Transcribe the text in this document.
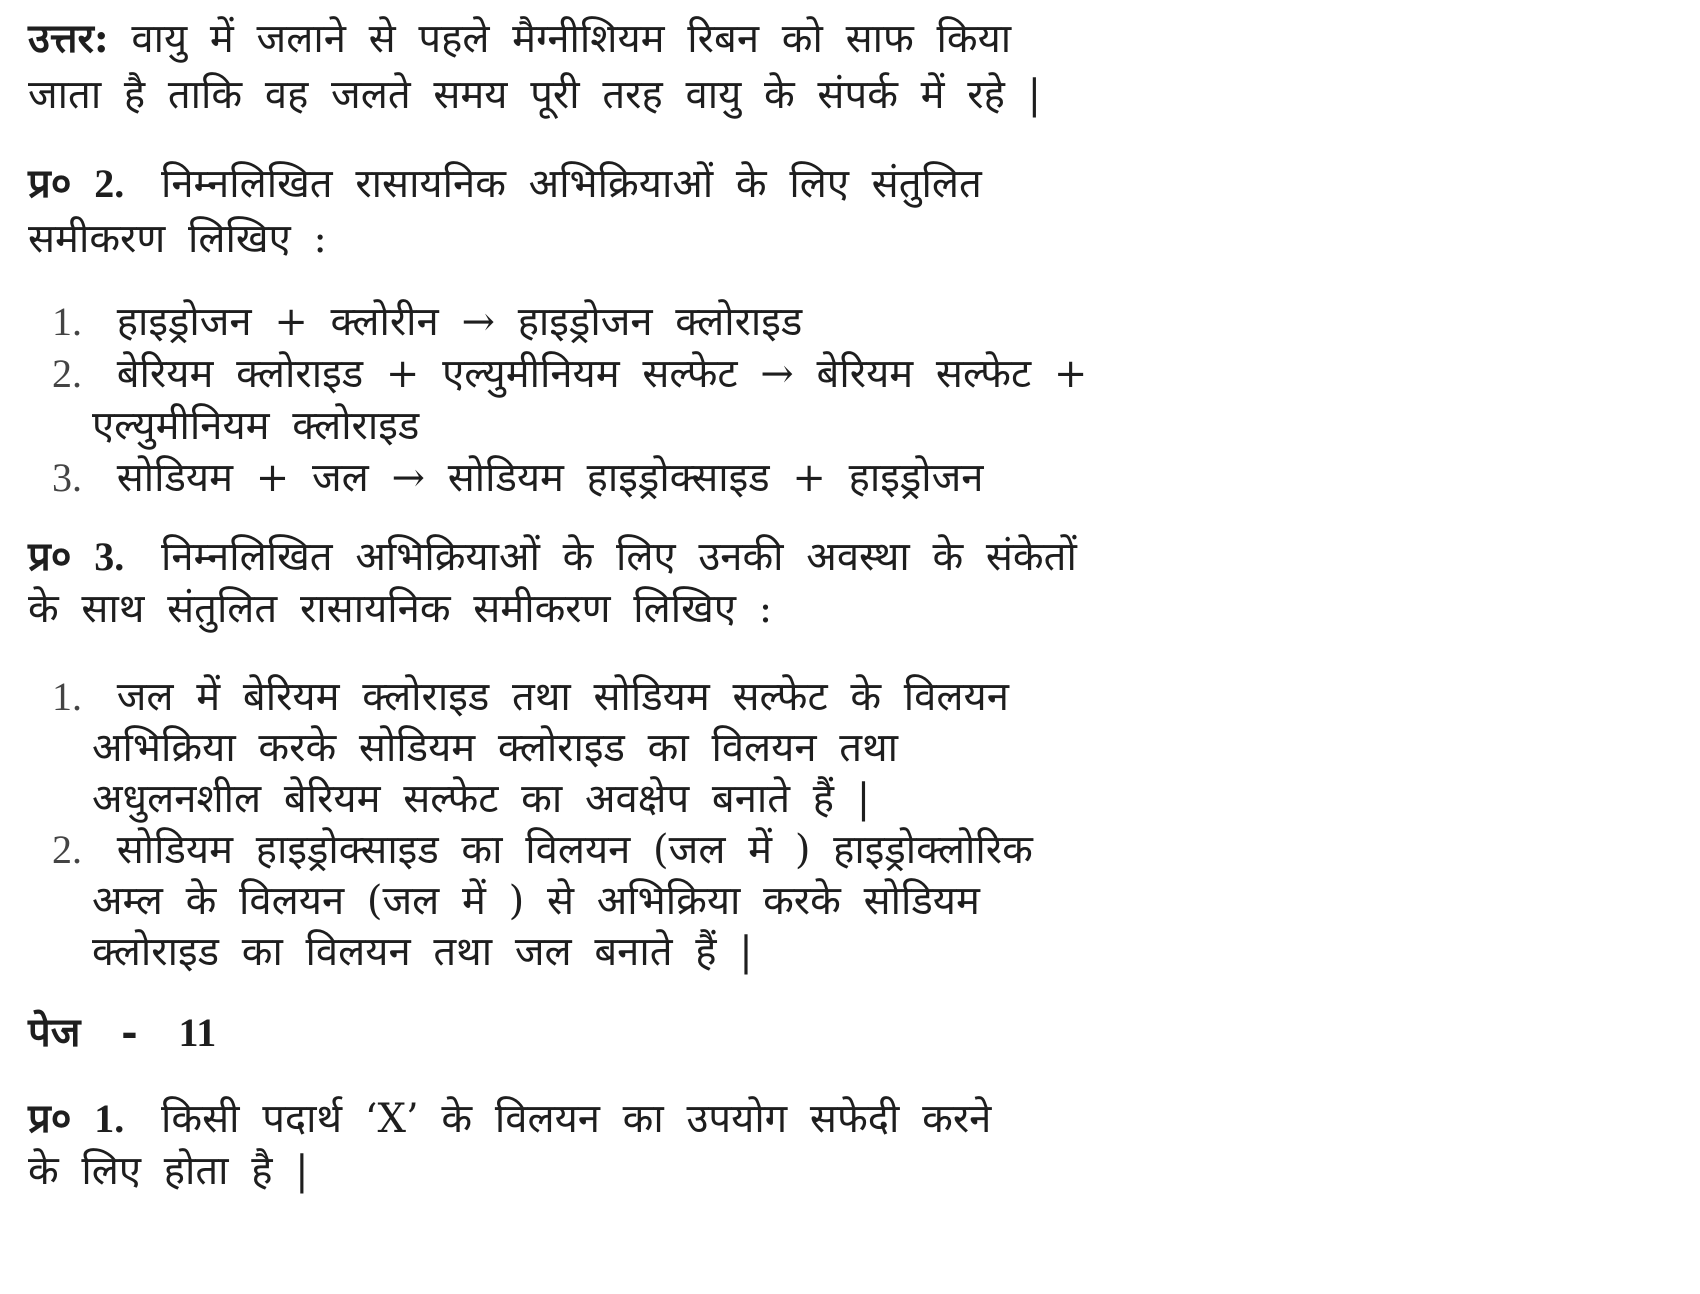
उत्तर: वायु में जलाने से पहले मैग्नीशियम रिबन को साफ किया
जाता है ताकि वह जलते समय पूरी तरह वायु के संपर्क में रहे |
प्र० 2. निम्नलिखित रासायनिक अभिक्रियाओं के लिए संतुलित
समीकरण लिखिए :
1. हाइड्रोजन + क्लोरीन → हाइड्रोजन क्लोराइड
2. बेरियम क्लोराइड + एल्युमीनियम सल्फेट → बेरियम सल्फेट +
एल्युमीनियम क्लोराइड
3. सोडियम + जल → सोडियम हाइड्रोक्साइड + हाइड्रोजन
प्र० 3. निम्नलिखित अभिक्रियाओं के लिए उनकी अवस्था के संकेतों
के साथ संतुलित रासायनिक समीकरण लिखिए :
1. जल में बेरियम क्लोराइड तथा सोडियम सल्फेट के विलयन
अभिक्रिया करके सोडियम क्लोराइड का विलयन तथा
अधुलनशील बेरियम सल्फेट का अवक्षेप बनाते हैं |
2. सोडियम हाइड्रोक्साइड का विलयन (जल में ) हाइड्रोक्लोरिक
अम्ल के विलयन (जल में ) से अभिक्रिया करके सोडियम
क्लोराइड का विलयन तथा जल बनाते हैं |
पेज - 11
प्र० 1. किसी पदार्थ ‘X’ के विलयन का उपयोग सफेदी करने
के लिए होता है |
